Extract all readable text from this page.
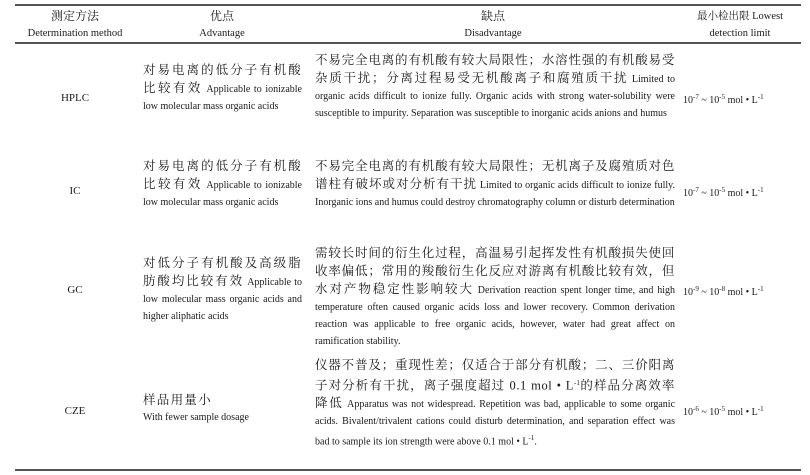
测定方法
Determination method
优点
Advantage
缺点
Disadvantage
最小检出限 Lowest
detection limit
HPLC
对易电离的低分子有机酸比较有效 Applicable to ionizable low molecular mass organic acids
不易完全电离的有机酸有较大局限性；水溶性强的有机酸易受杂质干扰；分离过程易受无机酸离子和腐殖质干扰 Limited to organic acids difficult to ionize fully. Organic acids with strong water-solubility were susceptible to impurity. Separation was susceptible to inorganic acids anions and humus
$10^{-7}$ ~ $10^{-5}$ mol • $L^{-1}$
IC
对易电离的低分子有机酸比较有效 Applicable to ionizable low molecular mass organic acids
不易完全电离的有机酸有较大局限性；无机离子及腐殖质对色谱柱有破坏或对分析有干扰 Limited to organic acids difficult to ionize fully. Inorganic ions and humus could destroy chromatography column or disturb determination
$10^{-7}$ ~ $10^{-5}$ mol • $L^{-1}$
GC
对低分子有机酸及高级脂肪酸均比较有效 Applicable to low molecular mass organic acids and higher aliphatic acids
需较长时间的衍生化过程，高温易引起挥发性有机酸损失使回收率偏低；常用的羧酸衍生化反应对游离有机酸比较有效，但水对产物稳定性影响较大 Derivation reaction spent longer time, and high temperature often caused organic acids loss and lower recovery. Common derivation reaction was applicable to free organic acids, however, water had great affect on ramification stability.
$10^{-9}$ ~ $10^{-8}$ mol • $L^{-1}$
CZE
样品用量小
With fewer sample dosage
仪器不普及；重现性差；仅适合于部分有机酸；二、三价阳离子对分析有干扰，离子强度超过 0.1 mol • $L^{-1}$的样品分离效率降低 Apparatus was not widespread. Repetition was bad, applicable to some organic acids. Bivalent/trivalent cations could disturb determination, and separation effect was bad to sample its ion strength were above 0.1 mol • $L^{-1}$.
$10^{-6}$ ~ $10^{-5}$ mol • $L^{-1}$
